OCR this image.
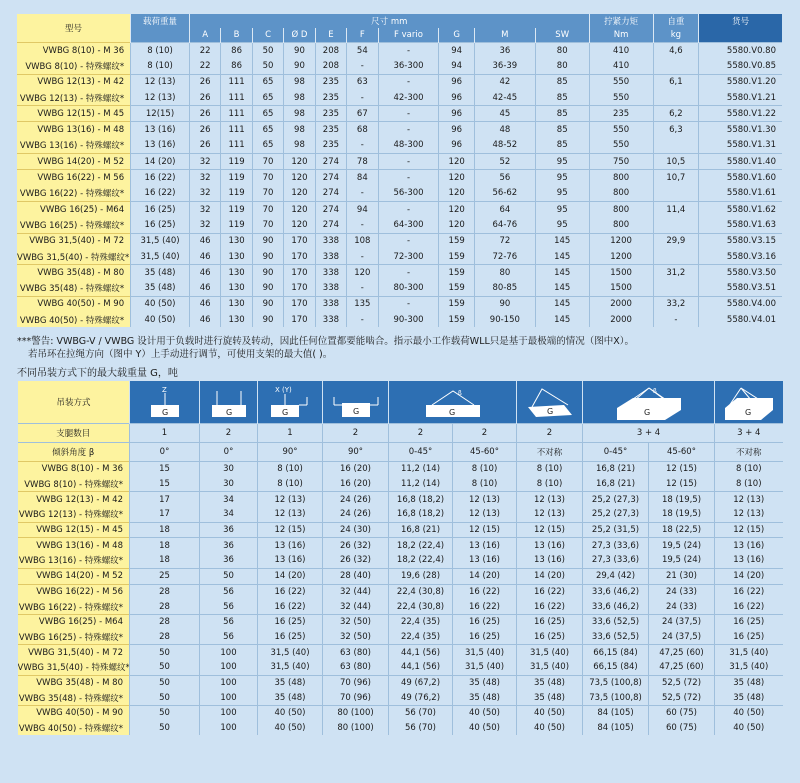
型号	载荷重量	尺寸 mm										拧紧力矩	自重	货号
		A	B	C	Ø D	E	F	F vario	G	M	SW	Nm	kg	
VWBG 8(10) - M 36	8 (10)	22	86	50	90	208	54	-	94	36	80	410	4,6	5580.V0.80
VWBG 8(10) - 特殊螺纹*	8 (10)	22	86	50	90	208	-	36-300	94	36-39	80	410		5580.V0.85
VWBG 12(13) - M 42	12 (13)	26	111	65	98	235	63	-	96	42	85	550	6,1	5580.V1.20
VWBG 12(13) - 特殊螺纹*	12 (13)	26	111	65	98	235	-	42-300	96	42-45	85	550		5580.V1.21
VWBG 12(15) - M 45	12(15)	26	111	65	98	235	67	-	96	45	85	235	6,2	5580.V1.22
VWBG 13(16) - M 48	13 (16)	26	111	65	98	235	68	-	96	48	85	550	6,3	5580.V1.30
VWBG 13(16) - 特殊螺纹*	13 (16)	26	111	65	98	235	-	48-300	96	48-52	85	550		5580.V1.31
VWBG 14(20) - M 52	14 (20)	32	119	70	120	274	78	-	120	52	95	750	10,5	5580.V1.40
VWBG 16(22) - M 56	16 (22)	32	119	70	120	274	84	-	120	56	95	800	10,7	5580.V1.60
VWBG 16(22) - 特殊螺纹*	16 (22)	32	119	70	120	274	-	56-300	120	56-62	95	800		5580.V1.61
VWBG 16(25) - M64	16 (25)	32	119	70	120	274	94	-	120	64	95	800	11,4	5580.V1.62
VWBG 16(25) - 特殊螺纹*	16 (25)	32	119	70	120	274	-	64-300	120	64-76	95	800		5580.V1.63
VWBG 31,5(40) - M 72	31,5 (40)	46	130	90	170	338	108	-	159	72	145	1200	29,9	5580.V3.15
VWBG 31,5(40) - 特殊螺纹*	31,5 (40)	46	130	90	170	338	-	72-300	159	72-76	145	1200		5580.V3.16
VWBG 35(48) - M 80	35 (48)	46	130	90	170	338	120	-	159	80	145	1500	31,2	5580.V3.50
VWBG 35(48) - 特殊螺纹*	35 (48)	46	130	90	170	338	-	80-300	159	80-85	145	1500		5580.V3.51
VWBG 40(50) - M 90	40 (50)	46	130	90	170	338	135	-	159	90	145	2000	33,2	5580.V4.00
VWBG 40(50) - 特殊螺纹*	40 (50)	46	130	90	170	338	-	90-300	159	90-150	145	2000	-	5580.V4.01
***警告: VWBG-V / VWBG 设计用于负载时进行旋转及转动，因此任何位置都要能啮合。指示最小工作载荷WLL只是基于最极端的情况（图中X）。
若吊环在拉绳方向（图中 Y）上手动进行调节，可使用支架的最大值( )。
不同吊装方式下的最大载重量 G，吨
吊装方式	Z
G	G	X (Y)
G	G	ß
G		G	ß
G		G

支腿数目	1	2	1	2	2	2	2	3 + 4		3 + 4
倾斜角度 β	0°	0°	90°	90°	0-45°	45-60°	不对称	0-45°	45-60°	不对称
VWBG 8(10) - M 36	15	30	8 (10)	16 (20)	11,2 (14)	8 (10)	8 (10)	16,8 (21)	12 (15)	8 (10)
VWBG 8(10) - 特殊螺纹*	15	30	8 (10)	16 (20)	11,2 (14)	8 (10)	8 (10)	16,8 (21)	12 (15)	8 (10)
VWBG 12(13) - M 42	17	34	12 (13)	24 (26)	16,8 (18,2)	12 (13)	12 (13)	25,2 (27,3)	18 (19,5)	12 (13)
VWBG 12(13) - 特殊螺纹*	17	34	12 (13)	24 (26)	16,8 (18,2)	12 (13)	12 (13)	25,2 (27,3)	18 (19,5)	12 (13)
VWBG 12(15) - M 45	18	36	12 (15)	24 (30)	16,8 (21)	12 (15)	12 (15)	25,2 (31,5)	18 (22,5)	12 (15)
VWBG 13(16) - M 48	18	36	13 (16)	26 (32)	18,2 (22,4)	13 (16)	13 (16)	27,3 (33,6)	19,5 (24)	13 (16)
VWBG 13(16) - 特殊螺纹*	18	36	13 (16)	26 (32)	18,2 (22,4)	13 (16)	13 (16)	27,3 (33,6)	19,5 (24)	13 (16)
VWBG 14(20) - M 52	25	50	14 (20)	28 (40)	19,6 (28)	14 (20)	14 (20)	29,4 (42)	21 (30)	14 (20)
VWBG 16(22) - M 56	28	56	16 (22)	32 (44)	22,4 (30,8)	16 (22)	16 (22)	33,6 (46,2)	24 (33)	16 (22)
VWBG 16(22) - 特殊螺纹*	28	56	16 (22)	32 (44)	22,4 (30,8)	16 (22)	16 (22)	33,6 (46,2)	24 (33)	16 (22)
VWBG 16(25) - M64	28	56	16 (25)	32 (50)	22,4 (35)	16 (25)	16 (25)	33,6 (52,5)	24 (37,5)	16 (25)
VWBG 16(25) - 特殊螺纹*	28	56	16 (25)	32 (50)	22,4 (35)	16 (25)	16 (25)	33,6 (52,5)	24 (37,5)	16 (25)
VWBG 31,5(40) - M 72	50	100	31,5 (40)	63 (80)	44,1 (56)	31,5 (40)	31,5 (40)	66,15 (84)	47,25 (60)	31,5 (40)
VWBG 31,5(40) - 特殊螺纹*	50	100	31,5 (40)	63 (80)	44,1 (56)	31,5 (40)	31,5 (40)	66,15 (84)	47,25 (60)	31,5 (40)
VWBG 35(48) - M 80	50	100	35 (48)	70 (96)	49 (67,2)	35 (48)	35 (48)	73,5 (100,8)	52,5 (72)	35 (48)
VWBG 35(48) - 特殊螺纹*	50	100	35 (48)	70 (96)	49 (76,2)	35 (48)	35 (48)	73,5 (100,8)	52,5 (72)	35 (48)
VWBG 40(50) - M 90	50	100	40 (50)	80 (100)	56 (70)	40 (50)	40 (50)	84 (105)	60 (75)	40 (50)
VWBG 40(50) - 特殊螺纹*	50	100	40 (50)	80 (100)	56 (70)	40 (50)	40 (50)	84 (105)	60 (75)	40 (50)
